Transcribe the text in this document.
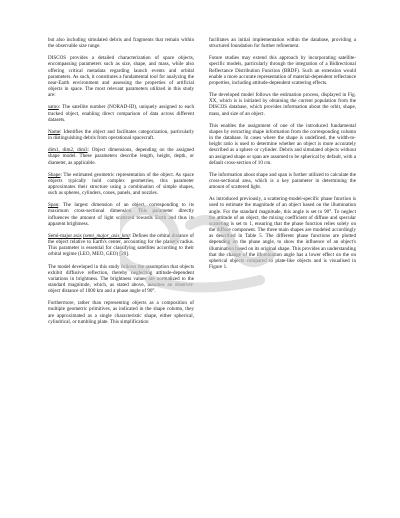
but also including simulated debris and fragments that remain within the observable size range.

DISCOS provides a detailed characterization of space objects, encompassing parameters such as size, shape, and mass, while also offering critical metadata regarding launch events and orbital parameters. As such, it constitutes a fundamental tool for analyzing the near-Earth environment and assessing the properties of artificial objects in space. The most relevant parameters utilized in this study are:

satno: The satellite number (NORAD-ID), uniquely assigned to each tracked object, enabling direct comparison of data across different datasets.

Name: Identifies the object and facilitates categorization, particularly in distinguishing debris from operational spacecraft.

dim1, dim2, dim3: Object dimensions, depending on the assigned shape model. These parameters describe length, height, depth, or diameter, as applicable.

Shape: The estimated geometric representation of the object. As space objects typically hold complex geometries, this parameter approximates their structure using a combination of simple shapes, such as spheres, cylinders, cones, panels, and nozzles.

Span: The largest dimension of an object, corresponding to its maximum cross-sectional dimension. This parameter directly influences the amount of light scattered towards Earth and thus its apparent brightness.

Semi-major axis (semi_major_axis_km): Defines the orbital distance of the object relative to Earth's center, accounting for the planet's radius. This parameter is essential for classifying satellites according to their orbital regime (LEO, MEO, GEO) [20].

The model developed in this study follows the assumption that objects exhibit diffusive reflection, thereby neglecting attitude-dependent variations in brightness. The brightness values are normalized to the standard magnitude, which, as stated above, assumes an observer-object distance of 1000 km and a phase angle of 90°.

Furthermore, rather than representing objects as a composition of multiple geometric primitives, as indicated in the shape column, they are approximated as a single characteristic shape, either spherical, cylindrical, or tumbling plate. This simplification

facilitates an initial implementation within the database, providing a structured foundation for further refinement.

Future studies may extend this approach by incorporating satellite-specific models, particularly through the integration of a Bidirectional Reflectance Distribution Function (BRDF). Such an extension would enable a more accurate representation of material-dependent reflectance properties, including attitude-dependent scattering effects.

The developed model follows the estimation process, displayed in Fig. XX, which is is initiated by obtaining the current population from the DISCOS database, which provides information about the orbit, shape, mass, and size of an object.

This enables the assignment of one of the introduced fundamental shapes by extracting shape information from the corresponding column in the database. In cases where the shape is undefined, the width-to-height ratio is used to determine whether an object is more accurately described as a sphere or cylinder. Debris and simulated objects without an assigned shape or span are assumed to be spherical by default, with a default cross-section of 10 cm.

The information about shape and span is further utilized to calculate the cross-sectional area, which is a key parameter in determining the amount of scattered light.

As introduced previously, a scattering-model-specific phase function is used to estimate the magnitude of an object based on the illumination angle. For the standard magnitude, this angle is set to 90°. To neglect the attitude of an object, the mixing coefficient of diffuse and specular scattering is set to 1, ensuring that the phase function relies solely on the diffuse component. The three main shapes are modeled accordingly as described in Table 5. The different phase functions are plotted depending on the phase angle, to show the influence of an object's illumination based on its original shape. This provides an understanding that the change of the illumination angle has a lower effect on the on spherical objects compared to plate-like objects and is visualised in Figure 1.
